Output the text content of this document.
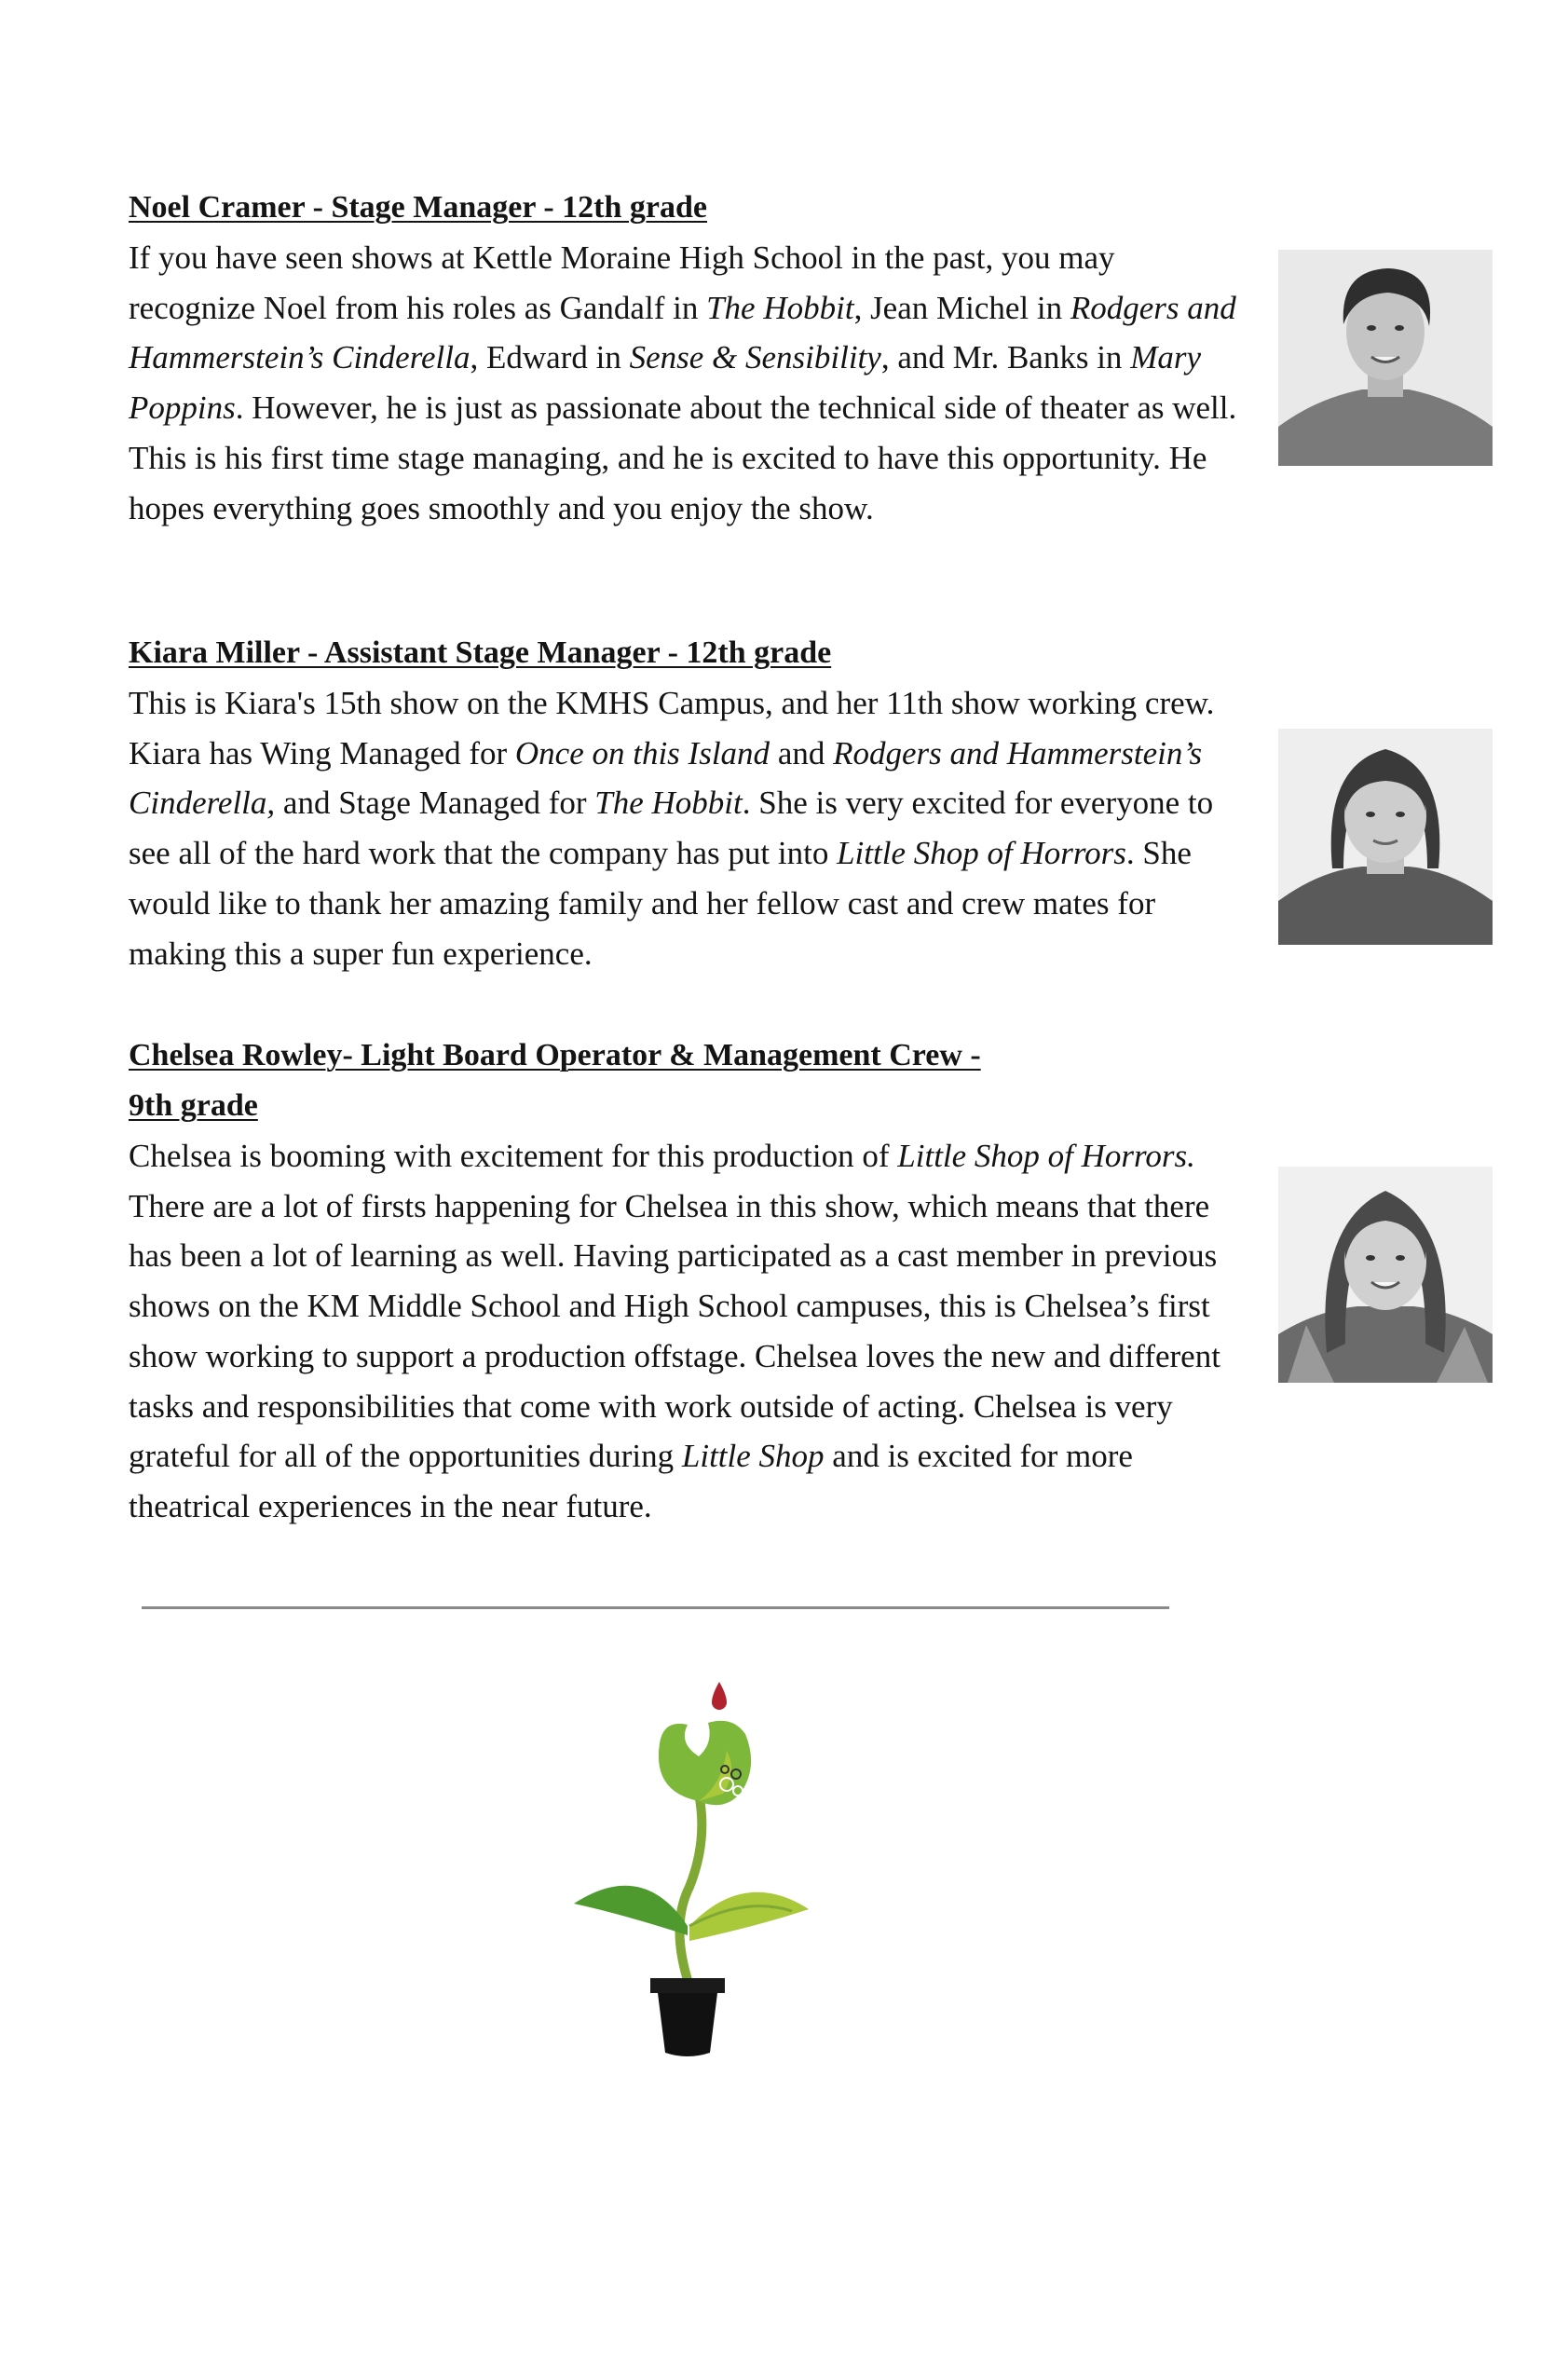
Noel Cramer - Stage Manager - 12th grade

If you have seen shows at Kettle Moraine High School in the past, you may recognize Noel from his roles as Gandalf in The Hobbit, Jean Michel in Rodgers and Hammerstein’s Cinderella, Edward in Sense & Sensibility, and Mr. Banks in Mary Poppins. However, he is just as passionate about the technical side of theater as well. This is his first time stage managing, and he is excited to have this opportunity. He hopes everything goes smoothly and you enjoy the show.

Kiara Miller - Assistant Stage Manager - 12th grade

This is Kiara's 15th show on the KMHS Campus, and her 11th show working crew. Kiara has Wing Managed for Once on this Island and Rodgers and Hammerstein’s Cinderella, and Stage Managed for The Hobbit. She is very excited for everyone to see all of the hard work that the company has put into Little Shop of Horrors. She would like to thank her amazing family and her fellow cast and crew mates for making this a super fun experience.

Chelsea Rowley- Light Board Operator & Management Crew -
9th grade

Chelsea is booming with excitement for this production of Little Shop of Horrors. There are a lot of firsts happening for Chelsea in this show, which means that there has been a lot of learning as well. Having participated as a cast member in previous shows on the KM Middle School and High School campuses, this is Chelsea’s first show working to support a production offstage. Chelsea loves the new and different tasks and responsibilities that come with work outside of acting. Chelsea is very grateful for all of the opportunities during Little Shop and is excited for more theatrical experiences in the near future.
